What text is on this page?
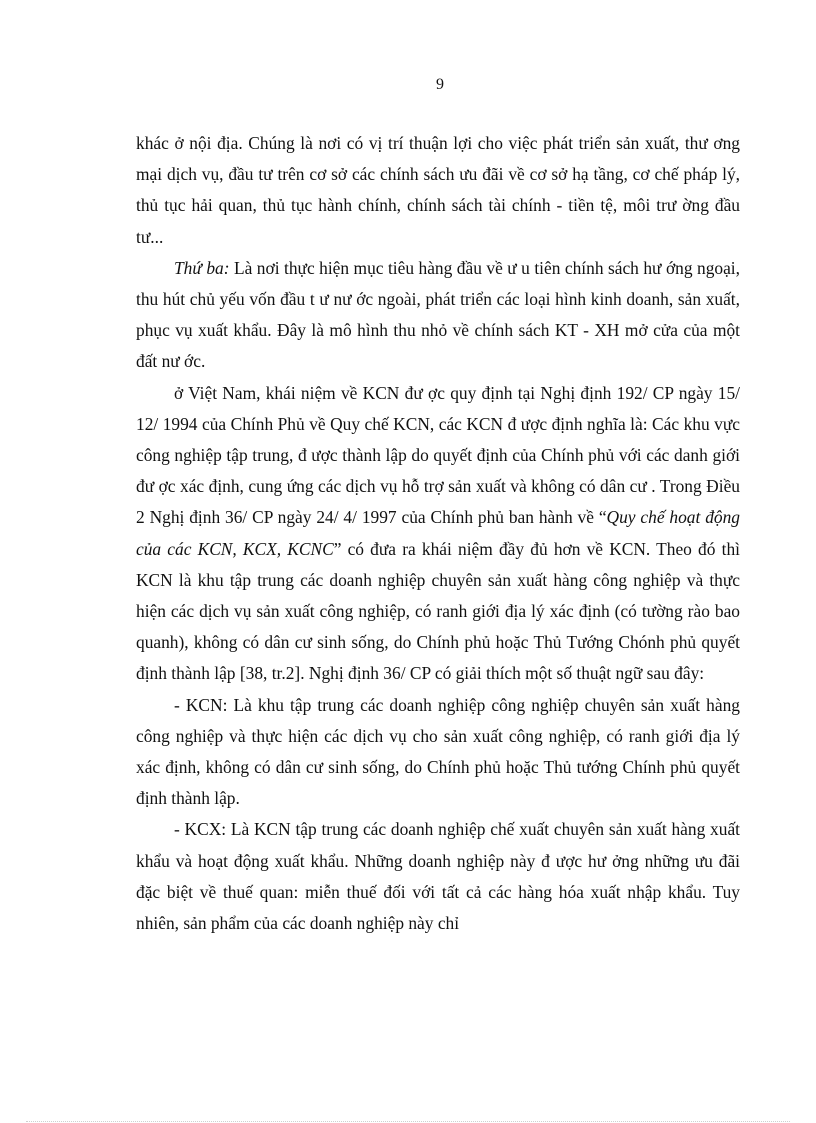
9

khác ở nội địa. Chúng là nơi có vị trí thuận lợi cho việc phát triển sản xuất, thư ơng mại dịch vụ, đầu tư trên cơ sở các chính sách ưu đãi về cơ sở hạ tầng, cơ chế pháp lý, thủ tục hải quan, thủ tục hành chính, chính sách tài chính - tiền tệ, môi trư ờng đầu tư...

Thứ ba: Là nơi thực hiện mục tiêu hàng đầu về ư u tiên chính sách hư ớng ngoại, thu hút chủ yếu vốn đầu t ư nư ớc ngoài, phát triển các loại hình kinh doanh, sản xuất, phục vụ xuất khẩu. Đây là mô hình thu nhỏ về chính sách KT - XH mở cửa của một đất nư ớc.

ở Việt Nam, khái niệm về KCN đư ợc quy định tại Nghị định 192/ CP ngày 15/ 12/ 1994 của Chính Phủ về Quy chế KCN, các KCN đ ược định nghĩa là: Các khu vực công nghiệp tập trung, đ ược thành lập do quyết định của Chính phủ với các danh giới đư ợc xác định, cung ứng các dịch vụ hỗ trợ sản xuất và không có dân cư . Trong Điều 2 Nghị định 36/ CP ngày 24/ 4/ 1997 của Chính phủ ban hành về “Quy chế hoạt động của các KCN, KCX, KCNC” có đưa ra khái niệm đầy đủ hơn về KCN. Theo đó thì KCN là khu tập trung các doanh nghiệp chuyên sản xuất hàng công nghiệp và thực hiện các dịch vụ sản xuất công nghiệp, có ranh giới địa lý xác định (có tường rào bao quanh), không có dân cư sinh sống, do Chính phủ hoặc Thủ Tướng Chónh phủ quyết định thành lập [38, tr.2]. Nghị định 36/ CP có giải thích một số thuật ngữ sau đây:

- KCN: Là khu tập trung các doanh nghiệp công nghiệp chuyên sản xuất hàng công nghiệp và thực hiện các dịch vụ cho sản xuất công nghiệp, có ranh giới địa lý xác định, không có dân cư sinh sống, do Chính phủ hoặc Thủ tướng Chính phủ quyết định thành lập.

- KCX: Là KCN tập trung các doanh nghiệp chế xuất chuyên sản xuất hàng xuất khẩu và hoạt động xuất khẩu. Những doanh nghiệp này đ ược hư ởng những ưu đãi đặc biệt về thuế quan: miễn thuế đối với tất cả các hàng hóa xuất nhập khẩu. Tuy nhiên, sản phẩm của các doanh nghiệp này chỉ
